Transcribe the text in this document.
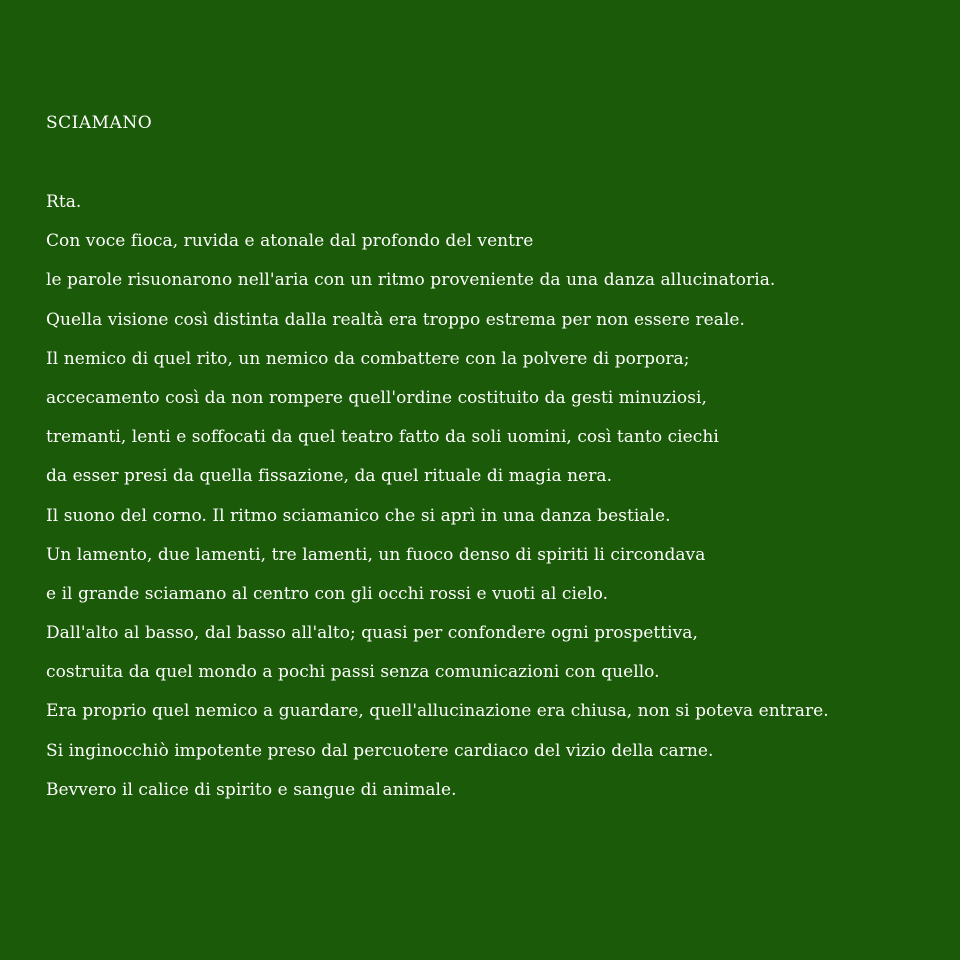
SCIAMANO
Rta.
Con voce fioca, ruvida e atonale dal profondo del ventre
le parole risuonarono nell'aria con un ritmo proveniente da una danza allucinatoria.
Quella visione così distinta dalla realtà era troppo estrema per non essere reale.
Il nemico di quel rito, un nemico da combattere con la polvere di porpora;
accecamento così da non rompere quell'ordine costituito da gesti minuziosi,
tremanti, lenti e soffocati da quel teatro fatto da soli uomini, così tanto ciechi
da esser presi da quella fissazione, da quel rituale di magia nera.
Il suono del corno. Il ritmo sciamanico che si aprì in una danza bestiale.
Un lamento, due lamenti, tre lamenti, un fuoco denso di spiriti li circondava
e il grande sciamano al centro con gli occhi rossi e vuoti al cielo.
Dall'alto al basso, dal basso all'alto; quasi per confondere ogni prospettiva,
costruita da quel mondo a pochi passi senza comunicazioni con quello.
Era proprio quel nemico a guardare, quell'allucinazione era chiusa, non si poteva entrare.
Si inginocchiò impotente preso dal percuotere cardiaco del vizio della carne.
Bevvero il calice di spirito e sangue di animale.
